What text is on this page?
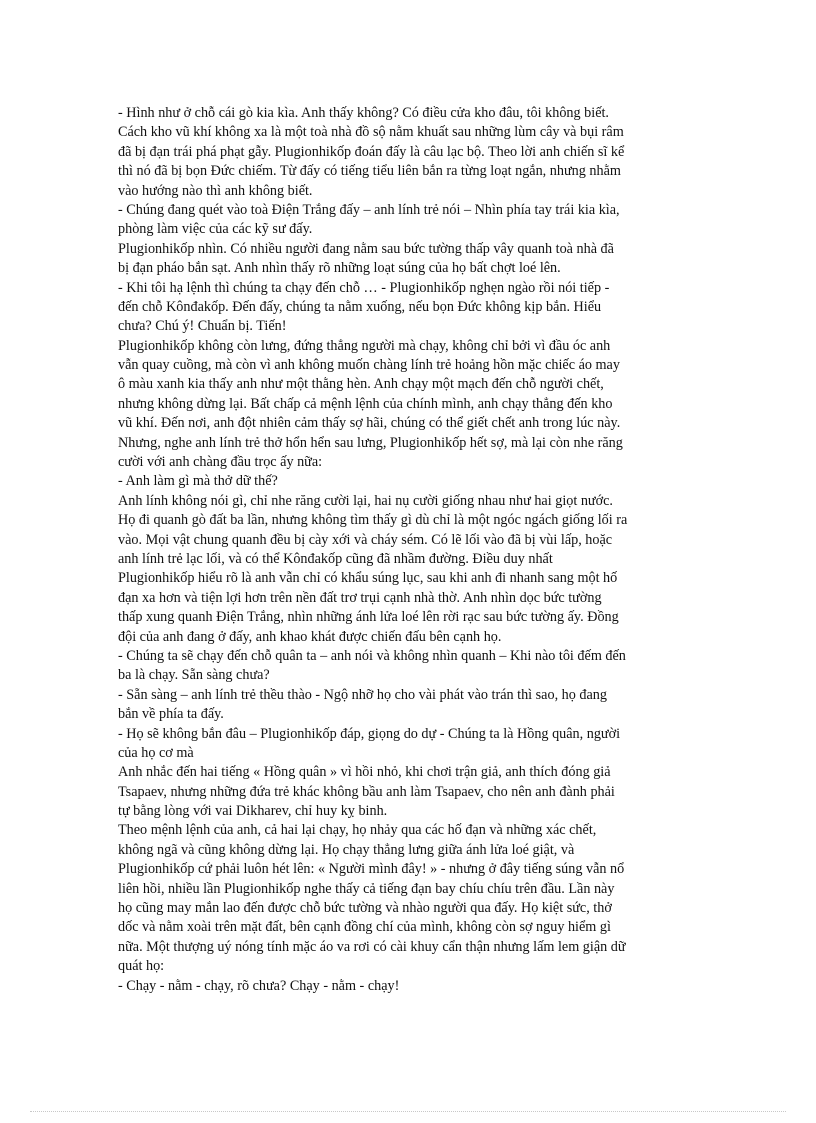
- Hình như ở chỗ cái gò kia kìa. Anh thấy không? Có điều cửa kho đâu, tôi không biết.
Cách kho vũ khí không xa là một toà nhà đồ sộ nằm khuất sau những lùm cây và bụi râm
đã bị đạn trái phá phạt gẫy. Plugionhikốp đoán đấy là câu lạc bộ. Theo lời anh chiến sĩ kể
thì nó đã bị bọn Đức chiếm. Từ đấy có tiếng tiểu liên bắn ra từng loạt ngắn, nhưng nhằm
vào hướng nào thì anh không biết.
- Chúng đang quét vào toà Điện Trắng đấy – anh lính trẻ nói – Nhìn phía tay trái kia kìa,
phòng làm việc của các kỹ sư đấy.
Plugionhikốp nhìn. Có nhiều người đang nằm sau bức tường thấp vây quanh toà nhà đã
bị đạn pháo bắn sạt. Anh nhìn thấy rõ những loạt súng của họ bất chợt loé lên.
- Khi tôi hạ lệnh thì chúng ta chạy đến chỗ … - Plugionhikốp nghẹn ngào rồi nói tiếp -
đến chỗ Kônđakốp. Đến đấy, chúng ta nằm xuống, nếu bọn Đức không kịp bắn. Hiểu
chưa? Chú ý! Chuẩn bị. Tiến!
Plugionhikốp không còn lưng, đứng thẳng người mà chạy, không chỉ bởi vì đầu óc anh
vẫn quay cuồng, mà còn vì anh không muốn chàng lính trẻ hoảng hồn mặc chiếc áo may
ô màu xanh kia thấy anh như một thằng hèn. Anh chạy một mạch đến chỗ người chết,
nhưng không dừng lại. Bất chấp cả mệnh lệnh của chính mình, anh chạy thẳng đến kho
vũ khí. Đến nơi, anh đột nhiên cảm thấy sợ hãi, chúng có thể giết chết anh trong lúc này.
Nhưng, nghe anh lính trẻ thở hổn hển sau lưng, Plugionhikốp hết sợ, mà lại còn nhe răng
cười với anh chàng đầu trọc ấy nữa:
- Anh làm gì mà thở dữ thế?
Anh lính không nói gì, chỉ nhe răng cười lại, hai nụ cười giống nhau như hai giọt nước.
Họ đi quanh gò đất ba lần, nhưng không tìm thấy gì dù chỉ là một ngóc ngách giống lối ra
vào. Mọi vật chung quanh đều bị cày xới và cháy sém. Có lẽ lối vào đã bị vùi lấp, hoặc
anh lính trẻ lạc lối, và có thể Kônđakốp cũng đã nhầm đường. Điều duy nhất
Plugionhikốp hiểu rõ là anh vẫn chỉ có khẩu súng lục, sau khi anh đi nhanh sang một hố
đạn xa hơn và tiện lợi hơn trên nền đất trơ trụi cạnh nhà thờ. Anh nhìn dọc bức tường
thấp xung quanh Điện Trắng, nhìn những ánh lửa loé lên rời rạc sau bức tường ấy. Đồng
đội của anh đang ở đấy, anh khao khát được chiến đấu bên cạnh họ.
- Chúng ta sẽ chạy đến chỗ quân ta – anh nói và không nhìn quanh – Khi nào tôi đếm đến
ba là chạy. Sẵn sàng chưa?
- Sẵn sàng – anh lính trẻ thều thào - Ngộ nhỡ họ cho vài phát vào trán thì sao, họ đang
bắn về phía ta đấy.
- Họ sẽ không bắn đâu – Plugionhikốp đáp, giọng do dự - Chúng ta là Hồng quân, người
của họ cơ mà
Anh nhắc đến hai tiếng « Hồng quân » vì hồi nhỏ, khi chơi trận giả, anh thích đóng giả
Tsapaev, nhưng những đứa trẻ khác không bầu anh làm Tsapaev, cho nên anh đành phải
tự bằng lòng với vai Dikharev, chỉ huy kỵ binh.
Theo mệnh lệnh của anh, cả hai lại chạy, họ nhảy qua các hố đạn và những xác chết,
không ngã và cũng không dừng lại. Họ chạy thẳng lưng giữa ánh lửa loé giật, và
Plugionhikốp cứ phải luôn hét lên: « Người mình đây! » - nhưng ở đây tiếng súng vẫn nổ
liên hồi, nhiều lần Plugionhikốp nghe thấy cả tiếng đạn bay chíu chíu trên đầu. Lần này
họ cũng may mắn lao đến được chỗ bức tường và nhào người qua đấy. Họ kiệt sức, thở
dốc và nằm xoài trên mặt đất, bên cạnh đồng chí của mình, không còn sợ nguy hiểm gì
nữa. Một thượng uý nóng tính mặc áo va rơi có cài khuy cẩn thận nhưng lấm lem giận dữ
quát họ:
- Chạy - nằm - chạy, rõ chưa? Chạy - nằm - chạy!
